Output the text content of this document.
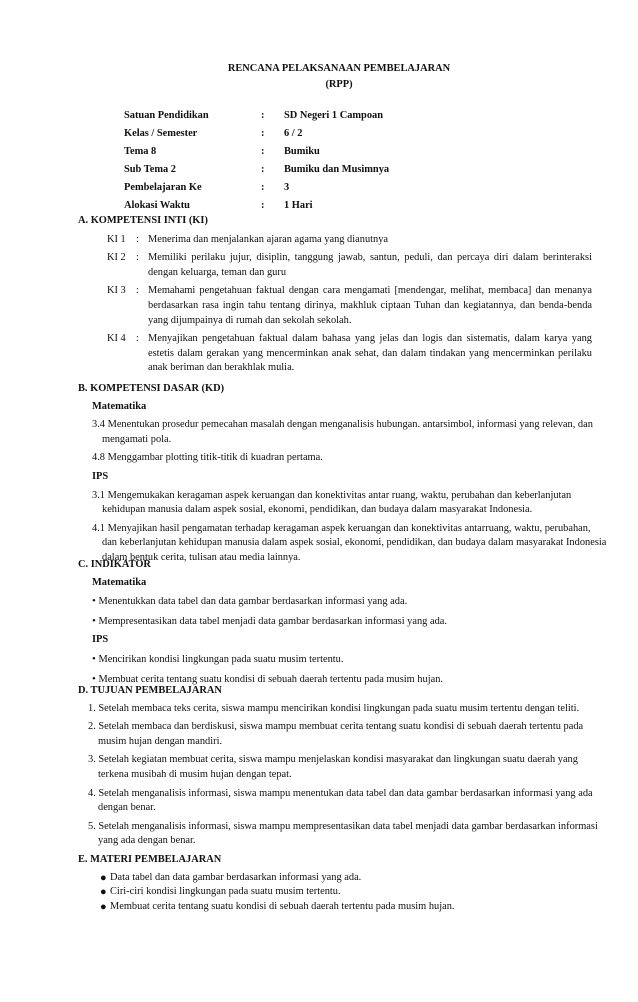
RENCANA PELAKSANAAN PEMBELAJARAN
(RPP)
Satuan Pendidikan	:	SD Negeri 1 Campoan
Kelas / Semester	:	6 / 2
Tema 8	:	Bumiku
Sub Tema 2	:	Bumiku dan Musimnya
Pembelajaran Ke	:	3
Alokasi Waktu	:	1 Hari
A. KOMPETENSI INTI (KI)
KI 1 : Menerima dan menjalankan ajaran agama yang dianutnya
KI 2 : Memiliki perilaku jujur, disiplin, tanggung jawab, santun, peduli, dan percaya diri dalam berinteraksi dengan keluarga, teman dan guru
KI 3 : Memahami pengetahuan faktual dengan cara mengamati [mendengar, melihat, membaca] dan menanya berdasarkan rasa ingin tahu tentang dirinya, makhluk ciptaan Tuhan dan kegiatannya, dan benda-benda yang dijumpainya di rumah dan sekolah sekolah.
KI 4 : Menyajikan pengetahuan faktual dalam bahasa yang jelas dan logis dan sistematis, dalam karya yang estetis dalam gerakan yang mencerminkan anak sehat, dan dalam tindakan yang mencerminkan perilaku anak beriman dan berakhlak mulia.
B. KOMPETENSI DASAR (KD)
Matematika
3.4 Menentukan prosedur pemecahan masalah dengan menganalisis hubungan. antarsimbol, informasi yang relevan, dan mengamati pola.
4.8 Menggambar plotting titik-titik di kuadran pertama.
IPS
3.1 Mengemukakan keragaman aspek keruangan dan konektivitas antar ruang, waktu, perubahan dan keberlanjutan kehidupan manusia dalam aspek sosial, ekonomi, pendidikan, dan budaya dalam masyarakat Indonesia.
4.1 Menyajikan hasil pengamatan terhadap keragaman aspek keruangan dan konektivitas antarruang, waktu, perubahan, dan keberlanjutan kehidupan manusia dalam aspek sosial, ekonomi, pendidikan, dan budaya dalam masyarakat Indonesia dalam bentuk cerita, tulisan atau media lainnya.
C. INDIKATOR
Matematika
• Menentukkan data tabel dan data gambar berdasarkan informasi yang ada.
• Mempresentasikan data tabel menjadi data gambar berdasarkan informasi yang ada.
IPS
• Mencirikan kondisi lingkungan pada suatu musim tertentu.
• Membuat cerita tentang suatu kondisi di sebuah daerah tertentu pada musim hujan.
D. TUJUAN PEMBELAJARAN
1. Setelah membaca teks cerita, siswa mampu mencirikan kondisi lingkungan pada suatu musim tertentu dengan teliti.
2. Setelah membaca dan berdiskusi, siswa mampu membuat cerita tentang suatu kondisi di sebuah daerah tertentu pada musim hujan dengan mandiri.
3. Setelah kegiatan membuat cerita, siswa mampu menjelaskan kondisi masyarakat dan lingkungan suatu daerah yang terkena musibah di musim hujan dengan tepat.
4. Setelah menganalisis informasi, siswa mampu menentukan data tabel dan data gambar berdasarkan informasi yang ada dengan benar.
5. Setelah menganalisis informasi, siswa mampu mempresentasikan data tabel menjadi data gambar berdasarkan informasi yang ada dengan benar.
E. MATERI PEMBELAJARAN
● Data tabel dan data gambar berdasarkan informasi yang ada.
● Ciri-ciri kondisi lingkungan pada suatu musim tertentu.
● Membuat cerita tentang suatu kondisi di sebuah daerah tertentu pada musim hujan.
